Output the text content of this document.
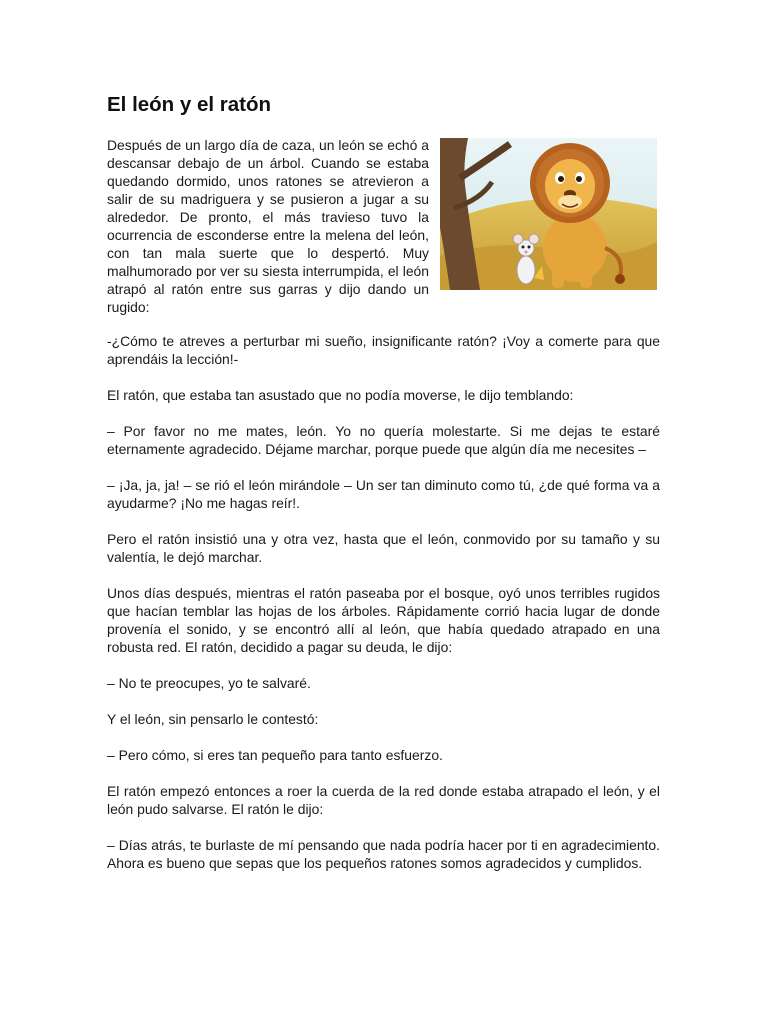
El león y el ratón

Después de un largo día de caza, un león se echó a descansar debajo de un árbol. Cuando se estaba quedando dormido, unos ratones se atrevieron a salir de su madriguera y se pusieron a jugar a su alrededor. De pronto, el más travieso tuvo la ocurrencia de esconderse entre la melena del león, con tan mala suerte que lo despertó. Muy malhumorado por ver su siesta interrumpida, el león atrapó al ratón entre sus garras y dijo dando un rugido:

-¿Cómo te atreves a perturbar mi sueño, insignificante ratón? ¡Voy a comerte para que aprendáis la lección!-

El ratón, que estaba tan asustado que no podía moverse, le dijo temblando:

– Por favor no me mates, león. Yo no quería molestarte. Si me dejas te estaré eternamente agradecido. Déjame marchar, porque puede que algún día me necesites –

– ¡Ja, ja, ja! – se rió el león mirándole – Un ser tan diminuto como tú, ¿de qué forma va a ayudarme? ¡No me hagas reír!.

Pero el ratón insistió una y otra vez, hasta que el león, conmovido por su tamaño y su valentía, le dejó marchar.

Unos días después, mientras el ratón paseaba por el bosque, oyó unos terribles rugidos que hacían temblar las hojas de los árboles. Rápidamente corrió hacia lugar de donde provenía el sonido, y se encontró allí al león, que había quedado atrapado en una robusta red. El ratón, decidido a pagar su deuda, le dijo:

– No te preocupes, yo te salvaré.

Y el león, sin pensarlo le contestó:

– Pero cómo, si eres tan pequeño para tanto esfuerzo.

El ratón empezó entonces a roer la cuerda de la red donde estaba atrapado el león, y el león pudo salvarse. El ratón le dijo:

– Días atrás, te burlaste de mí pensando que nada podría hacer por ti en agradecimiento. Ahora es bueno que sepas que los pequeños ratones somos agradecidos y cumplidos.
